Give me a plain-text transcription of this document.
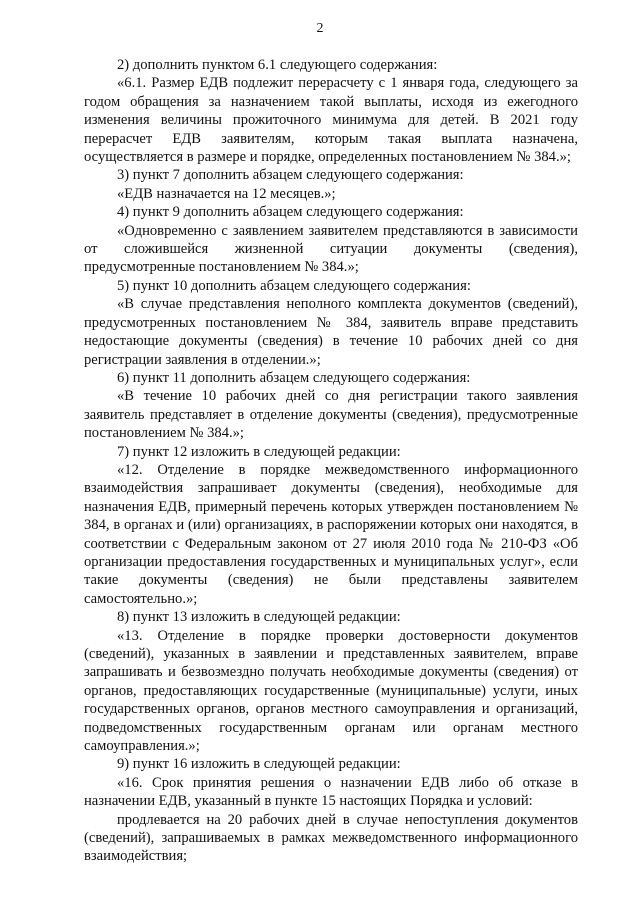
2

2) дополнить пунктом 6.1 следующего содержания:

«6.1. Размер ЕДВ подлежит перерасчету с 1 января года, следующего за годом обращения за назначением такой выплаты, исходя из ежегодного изменения величины прожиточного минимума для детей. В 2021 году перерасчет ЕДВ заявителям, которым такая выплата назначена, осуществляется в размере и порядке, определенных постановлением № 384.»;

3) пункт 7 дополнить абзацем следующего содержания:

«ЕДВ назначается на 12 месяцев.»;

4) пункт 9 дополнить абзацем следующего содержания:

«Одновременно с заявлением заявителем представляются в зависимости от сложившейся жизненной ситуации документы (сведения), предусмотренные постановлением № 384.»;

5) пункт 10 дополнить абзацем следующего содержания:

«В случае представления неполного комплекта документов (сведений), предусмотренных постановлением № 384, заявитель вправе представить недостающие документы (сведения) в течение 10 рабочих дней со дня регистрации заявления в отделении.»;

6) пункт 11 дополнить абзацем следующего содержания:

«В течение 10 рабочих дней со дня регистрации такого заявления заявитель представляет в отделение документы (сведения), предусмотренные постановлением № 384.»;

7) пункт 12 изложить в следующей редакции:

«12. Отделение в порядке межведомственного информационного взаимодействия запрашивает документы (сведения), необходимые для назначения ЕДВ, примерный перечень которых утвержден постановлением № 384, в органах и (или) организациях, в распоряжении которых они находятся, в соответствии с Федеральным законом от 27 июля 2010 года № 210-ФЗ «Об организации предоставления государственных и муниципальных услуг», если такие документы (сведения) не были представлены заявителем самостоятельно.»;

8) пункт 13 изложить в следующей редакции:

«13. Отделение в порядке проверки достоверности документов (сведений), указанных в заявлении и представленных заявителем, вправе запрашивать и безвозмездно получать необходимые документы (сведения) от органов, предоставляющих государственные (муниципальные) услуги, иных государственных органов, органов местного самоуправления и организаций, подведомственных государственным органам или органам местного самоуправления.»;

9) пункт 16 изложить в следующей редакции:

«16. Срок принятия решения о назначении ЕДВ либо об отказе в назначении ЕДВ, указанный в пункте 15 настоящих Порядка и условий:

продлевается на 20 рабочих дней в случае непоступления документов (сведений), запрашиваемых в рамках межведомственного информационного взаимодействия;
